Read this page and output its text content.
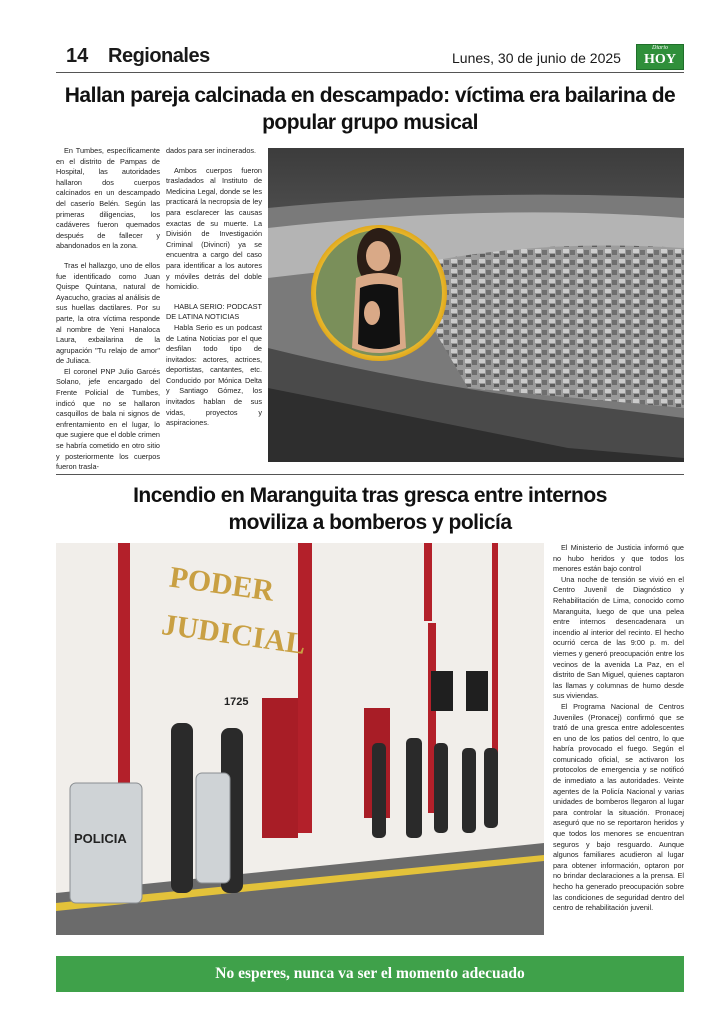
14 Regionales	Lunes, 30 de junio de 2025
Diario
HOY
Hallan pareja calcinada en descampado: víctima era bailarina de
popular grupo musical

En Tumbes, específicamente en el distrito de Pampas de Hospital, las autoridades hallaron dos cuerpos calcinados en un descampado del caserío Belén. Según las primeras diligencias, los cadáveres fueron quemados después de fallecer y abandonados en la zona.

Tras el hallazgo, uno de ellos fue identificado como Juan Quispe Quintana, natural de Ayacucho, gracias al análisis de sus huellas dactilares. Por su parte, la otra víctima responde al nombre de Yeni Hanaloca Laura, exbailarina de la agrupación "Tu relajo de amor" de Juliaca.

El coronel PNP Julio Garcés Solano, jefe encargado del Frente Policial de Tumbes, indicó que no se hallaron casquillos de bala ni signos de enfrentamiento en el lugar, lo que sugiere que el doble crimen se habría cometido en otro sitio y posteriormente los cuerpos fueron trasla-

dados para ser incinerados.

Ambos cuerpos fueron trasladados al Instituto de Medicina Legal, donde se les practicará la necropsia de ley para esclarecer las causas exactas de su muerte. La División de Investigación Criminal (Divincri) ya se encuentra a cargo del caso para identificar a los autores y móviles detrás del doble homicidio.

HABLA SERIO: PODCAST DE LATINA NOTICIAS

Habla Serio es un podcast de Latina Noticias por el que desfilan todo tipo de invitados: actores, actrices, deportistas, cantantes, etc. Conducido por Mónica Delta y Santiago Gómez, los invitados hablan de sus vidas, proyectos y aspiraciones.

Incendio en Maranguita tras gresca entre internos
moviliza a bomberos y policía
PODER
JUDICIAL
1725
POLICIA

El Ministerio de Justicia informó que no hubo heridos y que todos los menores están bajo control

Una noche de tensión se vivió en el Centro Juvenil de Diagnóstico y Rehabilitación de Lima, conocido como Maranguita, luego de que una pelea entre internos desencadenara un incendio al interior del recinto. El hecho ocurrió cerca de las 9:00 p. m. del viernes y generó preocupación entre los vecinos de la avenida La Paz, en el distrito de San Miguel, quienes captaron las llamas y columnas de humo desde sus viviendas.

El Programa Nacional de Centros Juveniles (Pronacej) confirmó que se trató de una gresca entre adolescentes en uno de los patios del centro, lo que habría provocado el fuego. Según el comunicado oficial, se activaron los protocolos de emergencia y se notificó de inmediato a las autoridades. Veinte agentes de la Policía Nacional y varias unidades de bomberos llegaron al lugar para controlar la situación. Pronacej aseguró que no se reportaron heridos y que todos los menores se encuentran seguros y bajo resguardo. Aunque algunos familiares acudieron al lugar para obtener información, optaron por no brindar declaraciones a la prensa. El hecho ha generado preocupación sobre las condiciones de seguridad dentro del centro de rehabilitación juvenil.

No esperes, nunca va ser el momento adecuado
